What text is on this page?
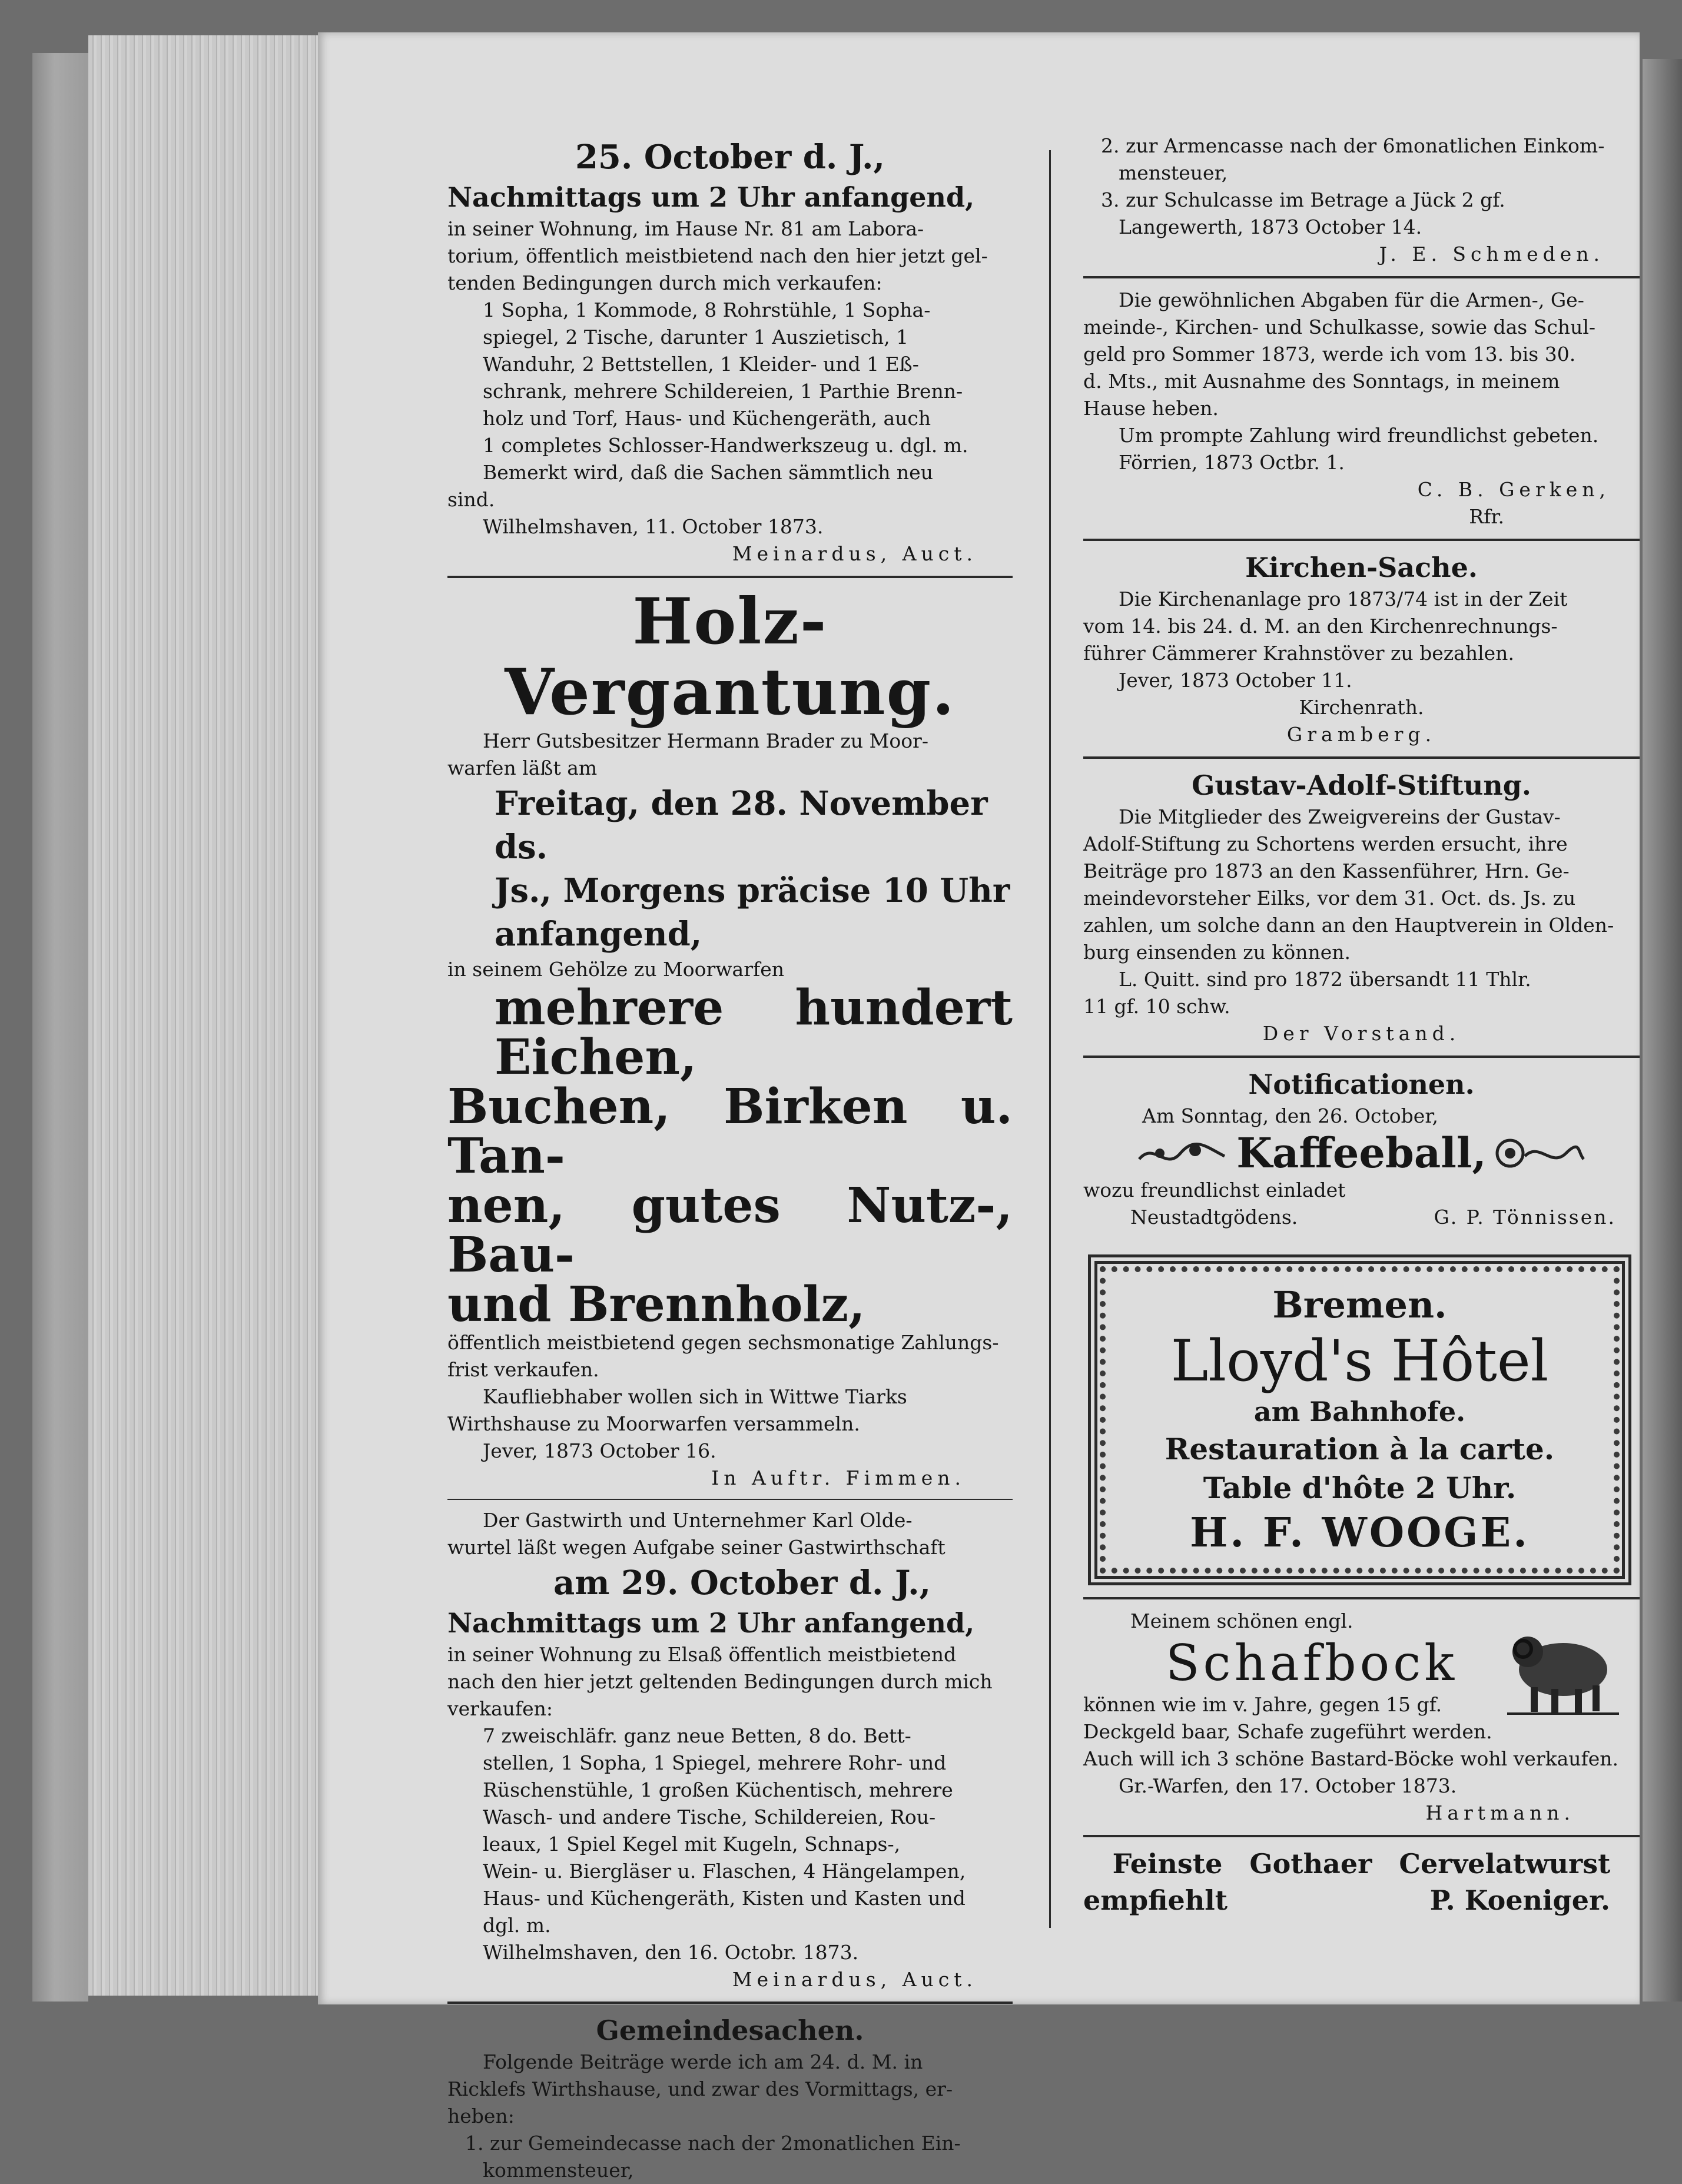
25. October d. J.,
Nachmittags um 2 Uhr anfangend,
in seiner Wohnung, im Hause Nr. 81 am Labora-
torium, öffentlich meistbietend nach den hier jetzt gel-
tenden Bedingungen durch mich verkaufen:
1 Sopha, 1 Kommode, 8 Rohrstühle, 1 Sopha-
spiegel, 2 Tische, darunter 1 Auszietisch, 1
Wanduhr, 2 Bettstellen, 1 Kleider- und 1 Eß-
schrank, mehrere Schildereien, 1 Parthie Brenn-
holz und Torf, Haus- und Küchengeräth, auch
1 completes Schlosser-Handwerkszeug u. dgl. m.
Bemerkt wird, daß die Sachen sämmtlich neu
sind.
Wilhelmshaven, 11. October 1873.
Meinardus, Auct.
Holz-Vergantung.
Herr Gutsbesitzer Hermann Brader zu Moor-
warfen läßt am
Freitag, den 28. November ds.
Js., Morgens präcise 10 Uhr
anfangend,
in seinem Gehölze zu Moorwarfen
mehrere hundert Eichen,
Buchen, Birken u. Tan-
nen, gutes Nutz-, Bau-
und Brennholz,
öffentlich meistbietend gegen sechsmonatige Zahlungs-
frist verkaufen.
Kaufliebhaber wollen sich in Wittwe Tiarks
Wirthshause zu Moorwarfen versammeln.
Jever, 1873 October 16.
In Auftr. Fimmen.
Der Gastwirth und Unternehmer Karl Olde-
wurtel läßt wegen Aufgabe seiner Gastwirthschaft
am 29. October d. J.,
Nachmittags um 2 Uhr anfangend,
in seiner Wohnung zu Elsaß öffentlich meistbietend
nach den hier jetzt geltenden Bedingungen durch mich
verkaufen:
7 zweischläfr. ganz neue Betten, 8 do. Bett-
stellen, 1 Sopha, 1 Spiegel, mehrere Rohr- und
Rüschenstühle, 1 großen Küchentisch, mehrere
Wasch- und andere Tische, Schildereien, Rou-
leaux, 1 Spiel Kegel mit Kugeln, Schnaps-,
Wein- u. Biergläser u. Flaschen, 4 Hängelampen,
Haus- und Küchengeräth, Kisten und Kasten und
dgl. m.
Wilhelmshaven, den 16. Octobr. 1873.
Meinardus, Auct.
Gemeindesachen.
Folgende Beiträge werde ich am 24. d. M. in
Ricklefs Wirthshause, und zwar des Vormittags, er-
heben:
1. zur Gemeindecasse nach der 2monatlichen Ein-
kommensteuer,
2. zur Armencasse nach der 6monatlichen Einkom-
mensteuer,
3. zur Schulcasse im Betrage a Jück 2 gf.
Langewerth, 1873 October 14.
J. E. Schmeden.
Die gewöhnlichen Abgaben für die Armen-, Ge-
meinde-, Kirchen- und Schulkasse, sowie das Schul-
geld pro Sommer 1873, werde ich vom 13. bis 30.
d. Mts., mit Ausnahme des Sonntags, in meinem
Hause heben.
Um prompte Zahlung wird freundlichst gebeten.
Förrien, 1873 Octbr. 1.
C. B. Gerken,
Rfr.
Kirchen-Sache.
Die Kirchenanlage pro 1873/74 ist in der Zeit
vom 14. bis 24. d. M. an den Kirchenrechnungs-
führer Cämmerer Krahnstöver zu bezahlen.
Jever, 1873 October 11.
Kirchenrath.
Gramberg.
Gustav-Adolf-Stiftung.
Die Mitglieder des Zweigvereins der Gustav-
Adolf-Stiftung zu Schortens werden ersucht, ihre
Beiträge pro 1873 an den Kassenführer, Hrn. Ge-
meindevorsteher Eilks, vor dem 31. Oct. ds. Js. zu
zahlen, um solche dann an den Hauptverein in Olden-
burg einsenden zu können.
L. Quitt. sind pro 1872 übersandt 11 Thlr.
11 gf. 10 schw.
Der Vorstand.
Notificationen.
Am Sonntag, den 26. October,
Kaffeeball,
wozu freundlichst einladet
Neustadtgödens.	G. P. Tönnissen.
Bremen.
Lloyd's Hôtel
am Bahnhofe.
Restauration à la carte.
Table d'hôte 2 Uhr.
H. F. WOOGE.
Meinem schönen engl.
Schafbock
können wie im v. Jahre, gegen 15 gf.
Deckgeld baar, Schafe zugeführt werden.
Auch will ich 3 schöne Bastard-Böcke wohl verkaufen.
Gr.-Warfen, den 17. October 1873.
Hartmann.
Feinste Gothaer Cervelatwurst
empfiehlt	P. Koeniger.
